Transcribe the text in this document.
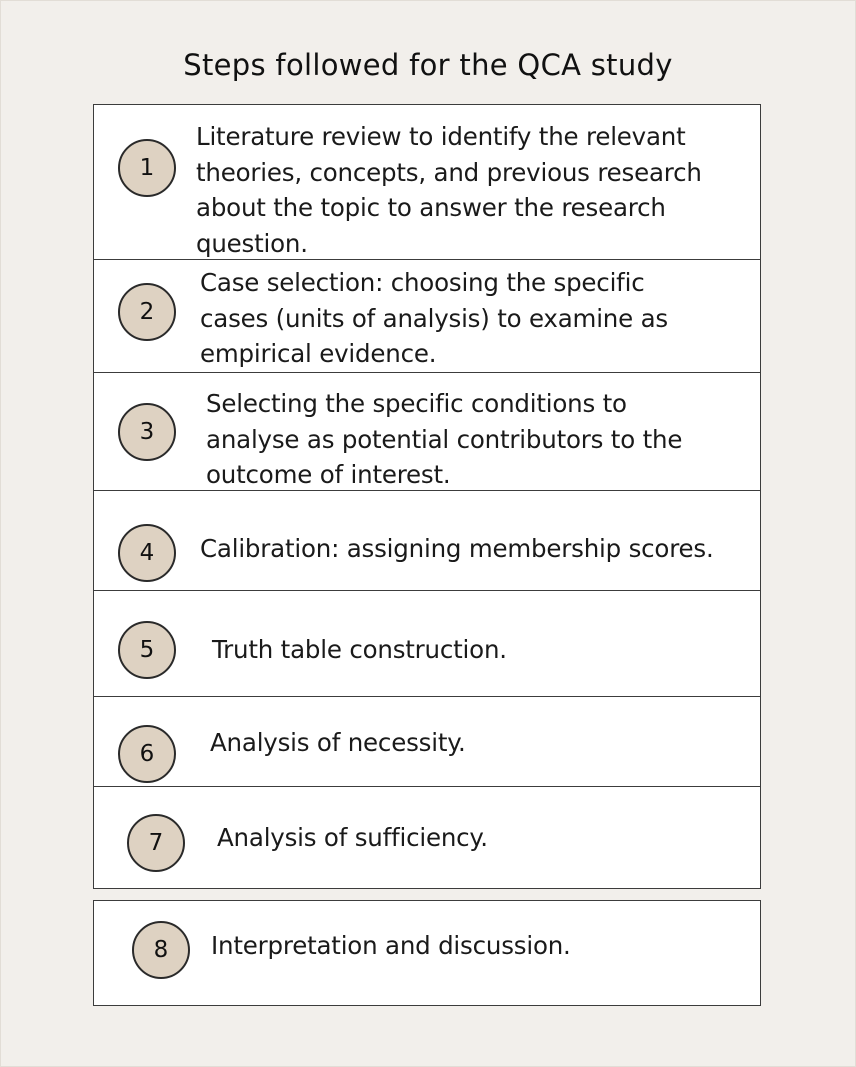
Steps followed for the QCA study
1
Literature review to identify the relevant
theories, concepts, and previous research
about the topic to answer the research
question.
2
Case selection: choosing the specific
cases (units of analysis) to examine as
empirical evidence.
3
Selecting the specific conditions to
analyse as potential contributors to the
outcome of interest.
4	Calibration: assigning membership scores.
5	Truth table construction.
6	Analysis of necessity.
7	Analysis of sufficiency.
8	Interpretation and discussion.
